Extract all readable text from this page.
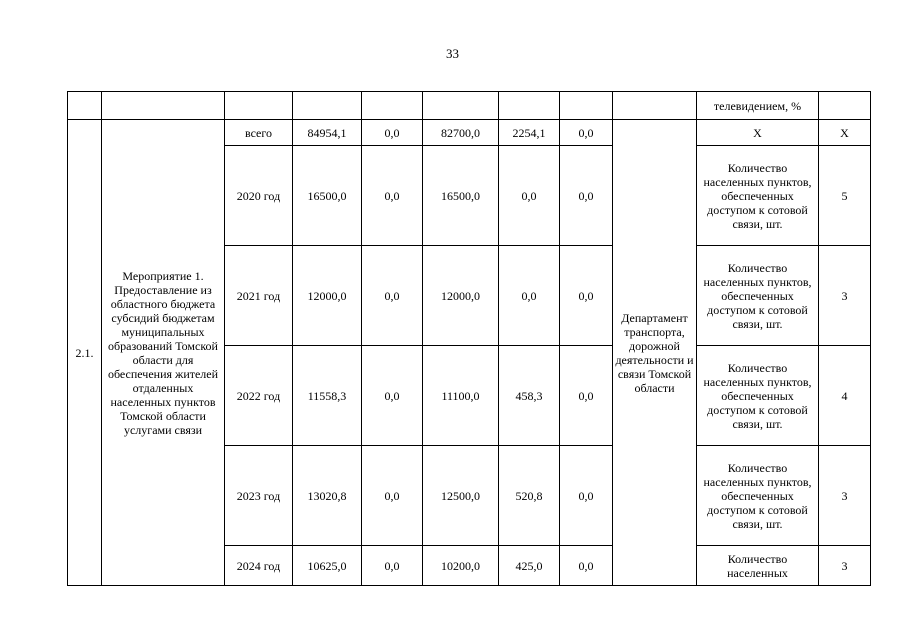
33
									телевидением, %	
2.1.	Мероприятие 1. Предоставление из областного бюджета субсидий бюджетам муниципальных образований Томской области для обеспечения жителей отдаленных населенных пунктов Томской области услугами связи	всего	84954,1	0,0	82700,0	2254,1	0,0	Департамент транспорта, дорожной деятельности и связи Томской области	Х	Х
		2020 год	16500,0	0,0	16500,0	0,0	0,0		Количество населенных пунктов, обеспеченных доступом к сотовой связи, шт.	5
		2021 год	12000,0	0,0	12000,0	0,0	0,0		Количество населенных пунктов, обеспеченных доступом к сотовой связи, шт.	3
		2022 год	11558,3	0,0	11100,0	458,3	0,0		Количество населенных пунктов, обеспеченных доступом к сотовой связи, шт.	4
		2023 год	13020,8	0,0	12500,0	520,8	0,0		Количество населенных пунктов, обеспеченных доступом к сотовой связи, шт.	3
		2024 год	10625,0	0,0	10200,0	425,0	0,0		Количество населенных	3
